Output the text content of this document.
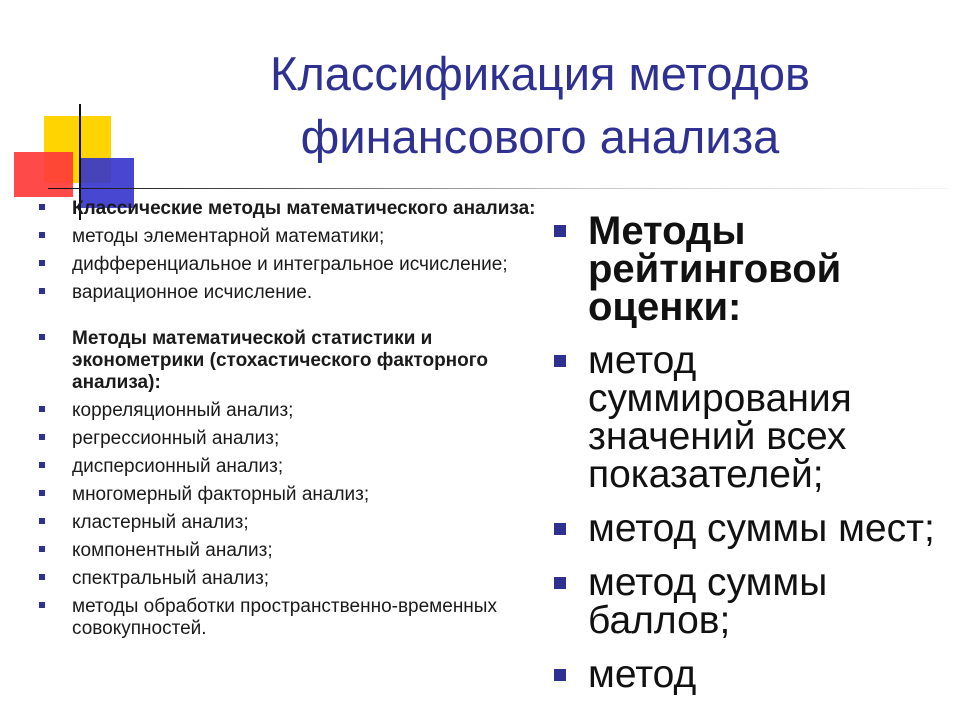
Классификация методов
финансового анализа
Классические методы математического анализа:
методы элементарной математики;
дифференциальное и интегральное исчисление;
вариационное исчисление.
Методы математической статистики и эконометрики (стохастического факторного анализа):
корреляционный анализ;
регрессионный анализ;
дисперсионный анализ;
многомерный факторный анализ;
кластерный анализ;
компонентный анализ;
спектральный анализ;
методы обработки пространственно-временных совокупностей.
Методы рейтинговой оценки:
метод суммирования значений всех показателей;
метод суммы мест;
метод суммы баллов;
метод
